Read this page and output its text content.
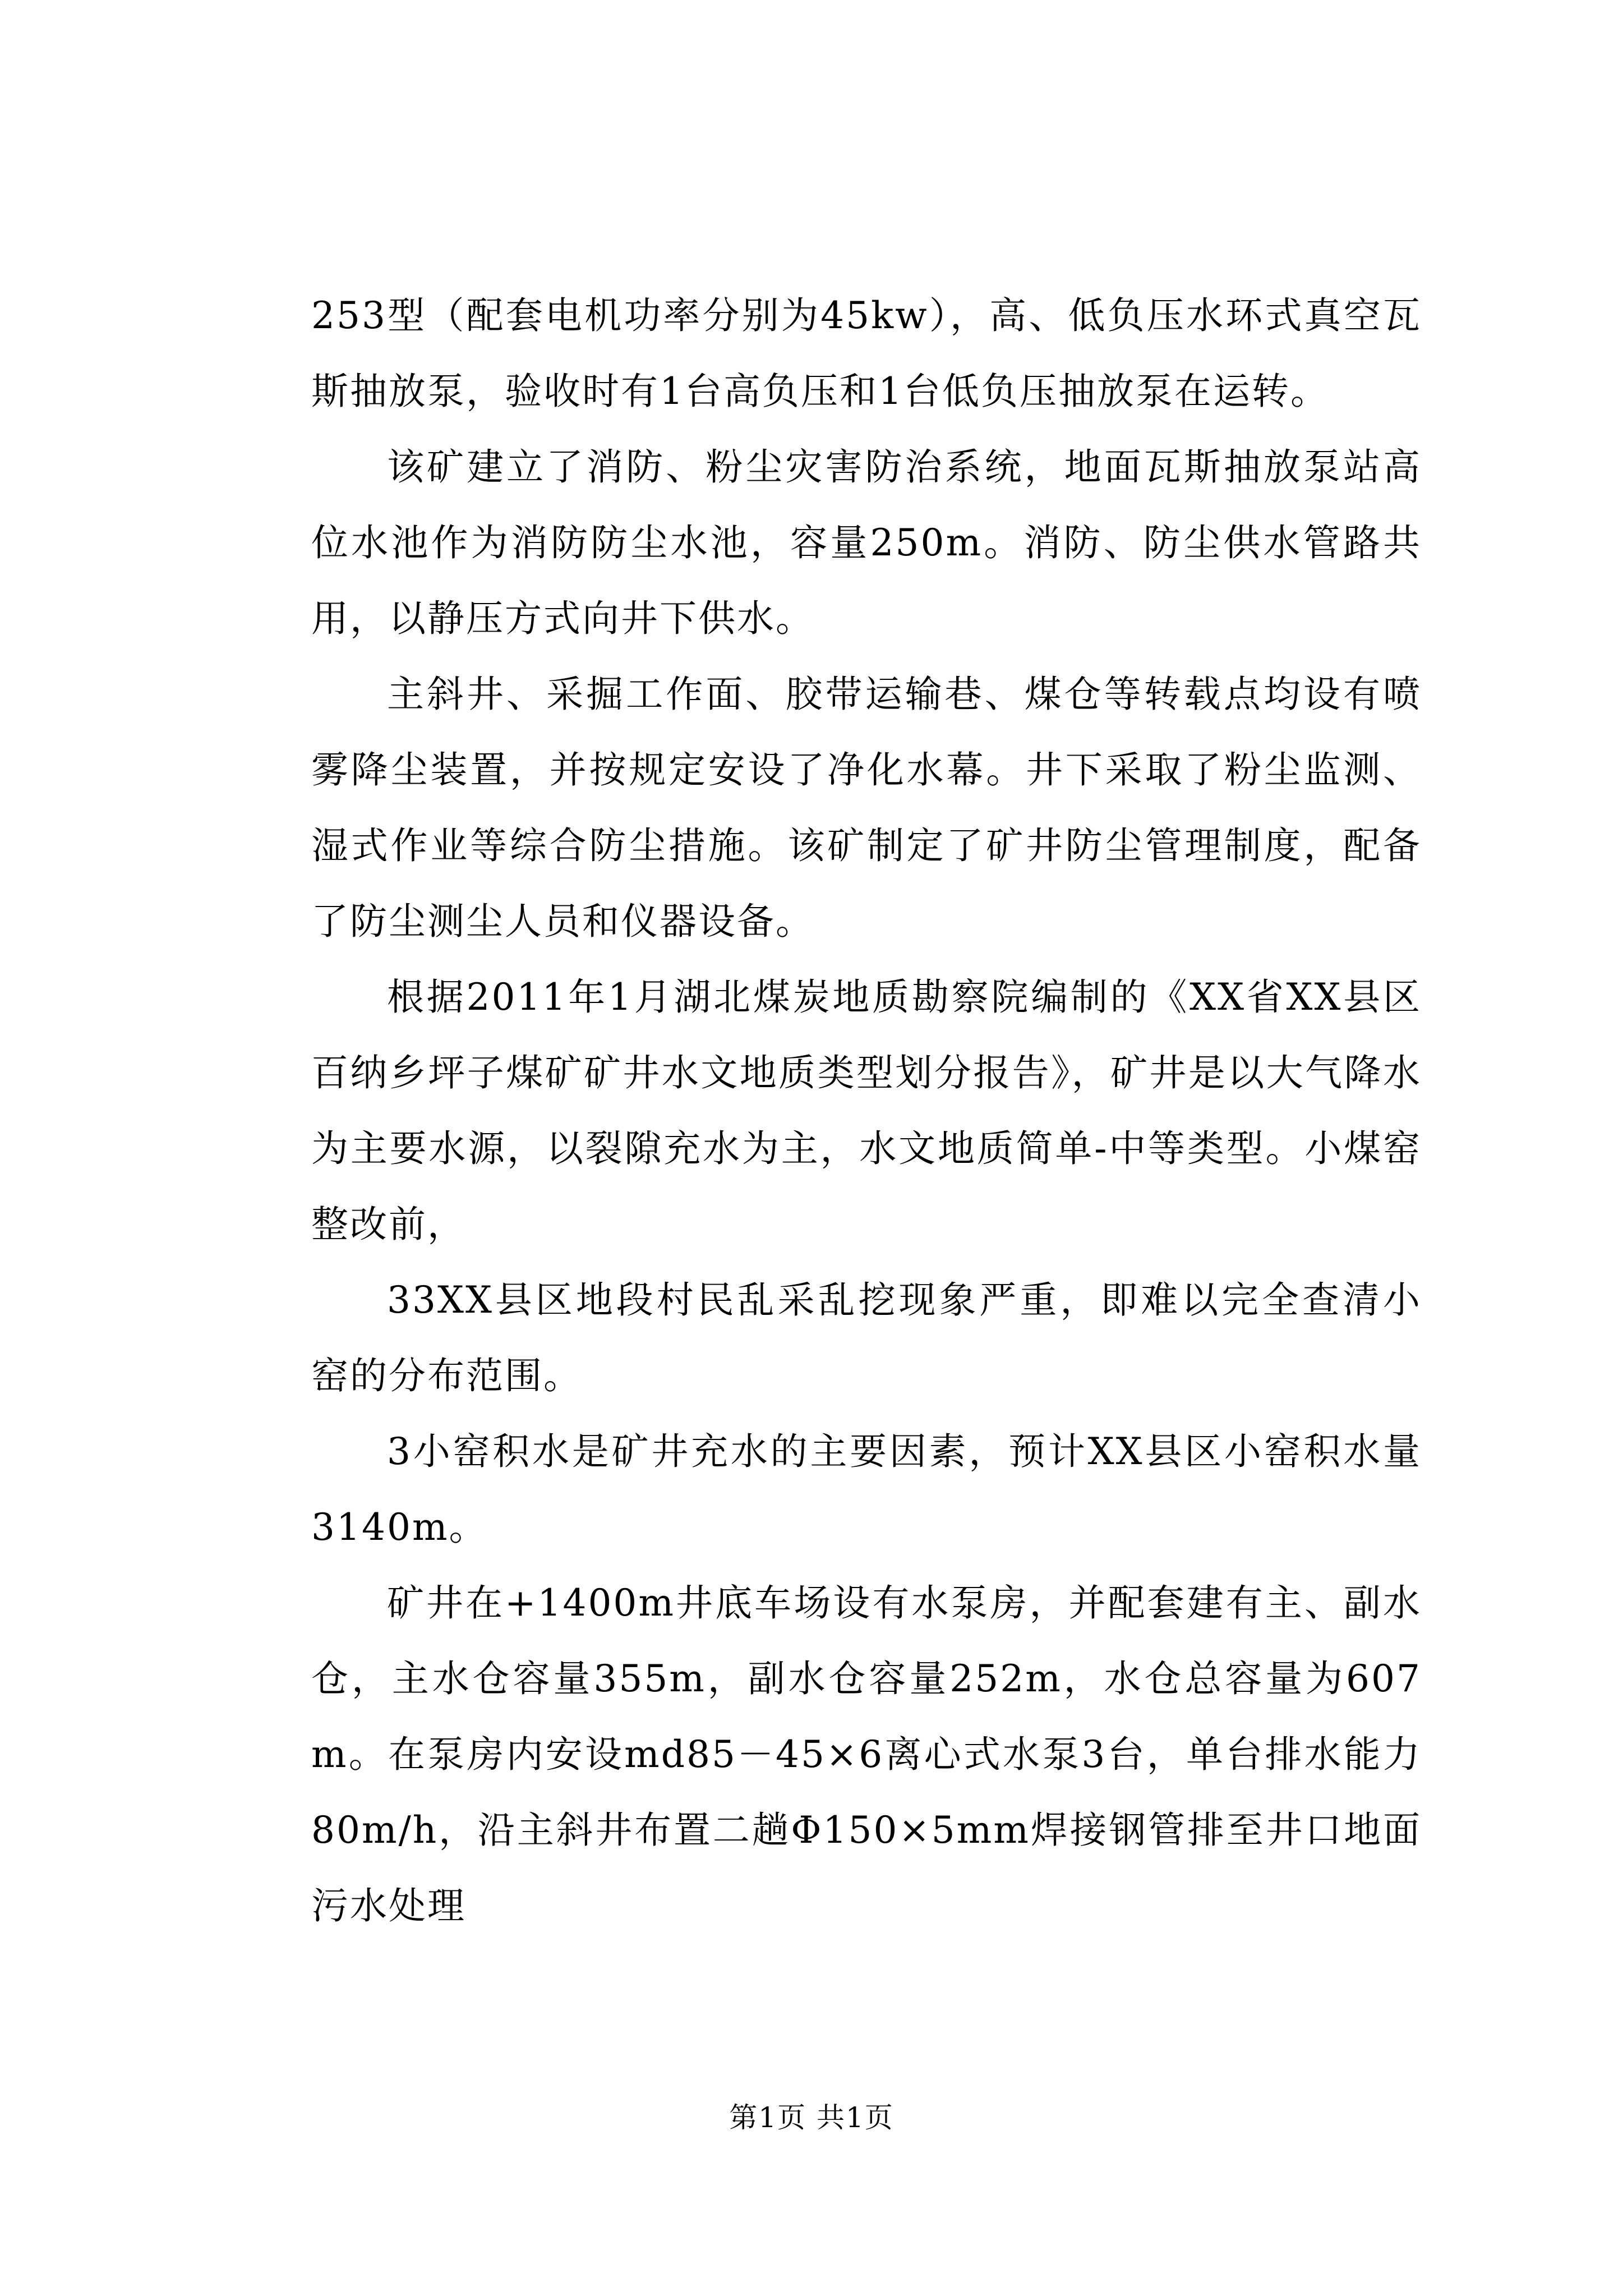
253型（配套电机功率分别为45kw），高、低负压水环式真空瓦斯抽放泵，验收时有1台高负压和1台低负压抽放泵在运转。

该矿建立了消防、粉尘灾害防治系统，地面瓦斯抽放泵站高位水池作为消防防尘水池，容量250m。消防、防尘供水管路共用，以静压方式向井下供水。

主斜井、采掘工作面、胶带运输巷、煤仓等转载点均设有喷雾降尘装置，并按规定安设了净化水幕。井下采取了粉尘监测、湿式作业等综合防尘措施。该矿制定了矿井防尘管理制度，配备了防尘测尘人员和仪器设备。

根据2011年1月湖北煤炭地质勘察院编制的《XX省XX县区百纳乡坪子煤矿矿井水文地质类型划分报告》，矿井是以大气降水为主要水源，以裂隙充水为主，水文地质简单-中等类型。小煤窑整改前，

33XX县区地段村民乱采乱挖现象严重，即难以完全查清小窑的分布范围。

3小窑积水是矿井充水的主要因素，预计XX县区小窑积水量3140m。

矿井在+1400m井底车场设有水泵房，并配套建有主、副水仓，主水仓容量355m，副水仓容量252m，水仓总容量为607m。在泵房内安设md85－45×6离心式水泵3台，单台排水能力80m/h，沿主斜井布置二趟Φ150×5mm焊接钢管排至井口地面污水处理

第1页 共1页
